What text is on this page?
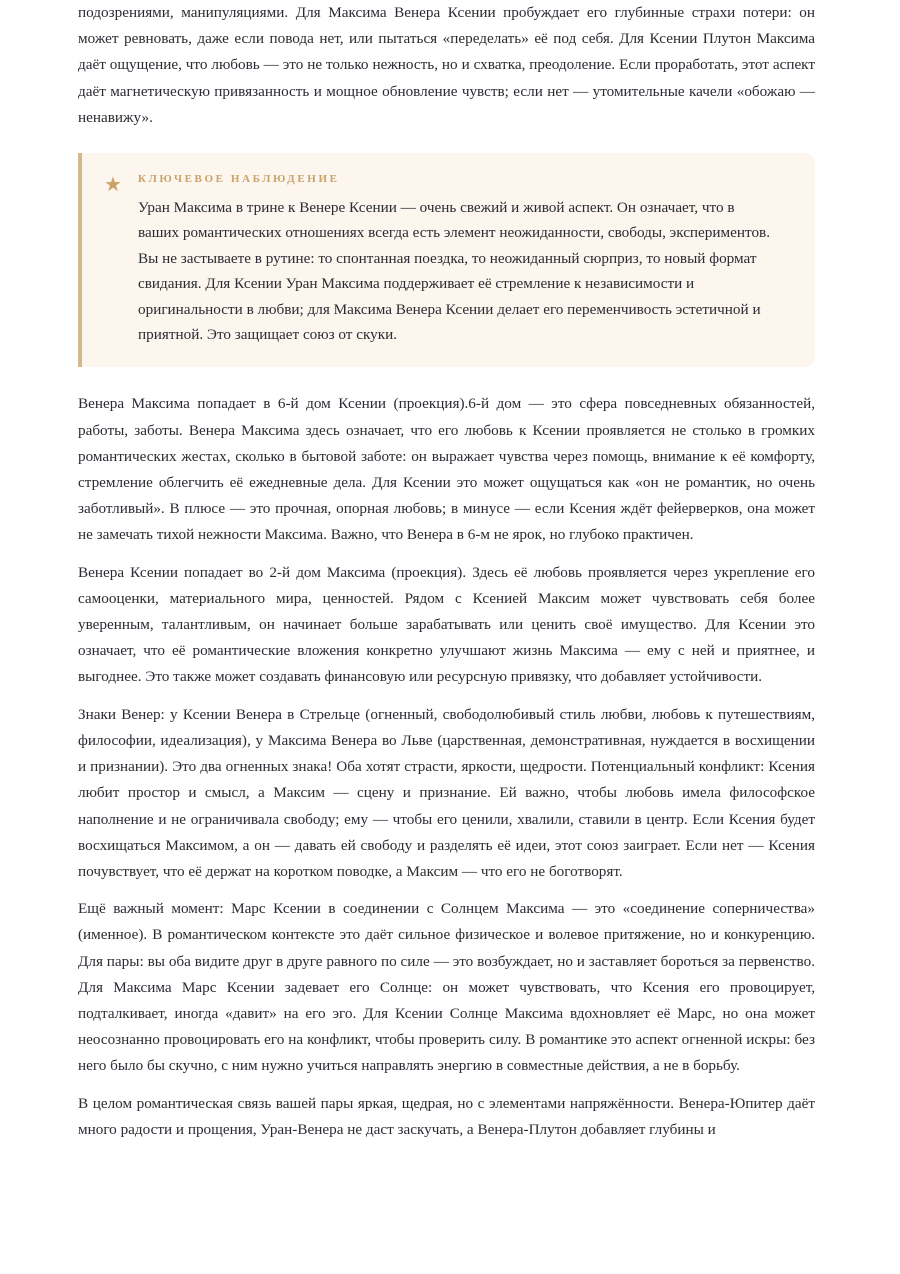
подозрениями, манипуляциями. Для Максима Венера Ксении пробуждает его глубинные страхи потери: он может ревновать, даже если повода нет, или пытаться «переделать» её под себя. Для Ксении Плутон Максима даёт ощущение, что любовь — это не только нежность, но и схватка, преодоление. Если проработать, этот аспект даёт магнетическую привязанность и мощное обновление чувств; если нет — утомительные качели «обожаю — ненавижу».

★ КЛЮЧЕВОЕ НАБЛЮДЕНИЕ

Уран Максима в трине к Венере Ксении — очень свежий и живой аспект. Он означает, что в ваших романтических отношениях всегда есть элемент неожиданности, свободы, экспериментов. Вы не застываете в рутине: то спонтанная поездка, то неожиданный сюрприз, то новый формат свидания. Для Ксении Уран Максима поддерживает её стремление к независимости и оригинальности в любви; для Максима Венера Ксении делает его переменчивость эстетичной и приятной. Это защищает союз от скуки.

Венера Максима попадает в 6-й дом Ксении (проекция).6-й дом — это сфера повседневных обязанностей, работы, заботы. Венера Максима здесь означает, что его любовь к Ксении проявляется не столько в громких романтических жестах, сколько в бытовой заботе: он выражает чувства через помощь, внимание к её комфорту, стремление облегчить её ежедневные дела. Для Ксении это может ощущаться как «он не романтик, но очень заботливый». В плюсе — это прочная, опорная любовь; в минусе — если Ксения ждёт фейерверков, она может не замечать тихой нежности Максима. Важно, что Венера в 6-м не ярок, но глубоко практичен.

Венера Ксении попадает во 2-й дом Максима (проекция). Здесь её любовь проявляется через укрепление его самооценки, материального мира, ценностей. Рядом с Ксенией Максим может чувствовать себя более уверенным, талантливым, он начинает больше зарабатывать или ценить своё имущество. Для Ксении это означает, что её романтические вложения конкретно улучшают жизнь Максима — ему с ней и приятнее, и выгоднее. Это также может создавать финансовую или ресурсную привязку, что добавляет устойчивости.

Знаки Венер: у Ксении Венера в Стрельце (огненный, свободолюбивый стиль любви, любовь к путешествиям, философии, идеализация), у Максима Венера во Льве (царственная, демонстративная, нуждается в восхищении и признании). Это два огненных знака! Оба хотят страсти, яркости, щедрости. Потенциальный конфликт: Ксения любит простор и смысл, а Максим — сцену и признание. Ей важно, чтобы любовь имела философское наполнение и не ограничивала свободу; ему — чтобы его ценили, хвалили, ставили в центр. Если Ксения будет восхищаться Максимом, а он — давать ей свободу и разделять её идеи, этот союз заиграет. Если нет — Ксения почувствует, что её держат на коротком поводке, а Максим — что его не боготворят.

Ещё важный момент: Марс Ксении в соединении с Солнцем Максима — это «соединение соперничества» (именное). В романтическом контексте это даёт сильное физическое и волевое притяжение, но и конкуренцию. Для пары: вы оба видите друг в друге равного по силе — это возбуждает, но и заставляет бороться за первенство. Для Максима Марс Ксении задевает его Солнце: он может чувствовать, что Ксения его провоцирует, подталкивает, иногда «давит» на его эго. Для Ксении Солнце Максима вдохновляет её Марс, но она может неосознанно провоцировать его на конфликт, чтобы проверить силу. В романтике это аспект огненной искры: без него было бы скучно, с ним нужно учиться направлять энергию в совместные действия, а не в борьбу.

В целом романтическая связь вашей пары яркая, щедрая, но с элементами напряжённости. Венера-Юпитер даёт много радости и прощения, Уран-Венера не даст заскучать, а Венера-Плутон добавляет глубины и
